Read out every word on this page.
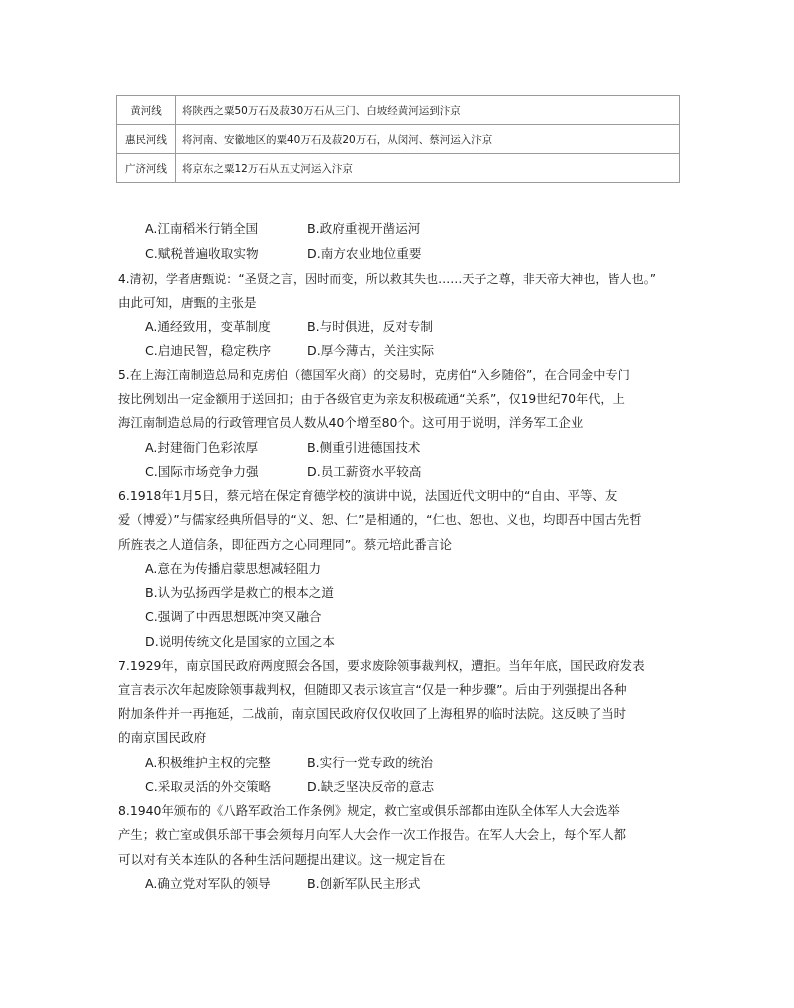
黄河线	将陕西之粟50万石及菽30万石从三门、白坡经黄河运到汴京
惠民河线	将河南、安徽地区的粟40万石及菽20万石，从闵河、蔡河运入汴京
广济河线	将京东之粟12万石从五丈河运入汴京
A.江南稻米行销全国	B.政府重视开凿运河
C.赋税普遍收取实物	D.南方农业地位重要
4.清初，学者唐甄说：“圣贤之言，因时而变，所以救其失也……天子之尊，非天帝大神也，皆人也。”
由此可知，唐甄的主张是
A.通经致用，变革制度	B.与时俱进，反对专制
C.启迪民智，稳定秩序	D.厚今薄古，关注实际
5.在上海江南制造总局和克虏伯（德国军火商）的交易时，克虏伯“入乡随俗”，在合同金中专门
按比例划出一定金额用于送回扣；由于各级官吏为亲友积极疏通“关系”，仅19世纪70年代，上
海江南制造总局的行政管理官员人数从40个增至80个。这可用于说明，洋务军工企业
A.封建衙门色彩浓厚	B.侧重引进德国技术
C.国际市场竞争力强	D.员工薪资水平较高
6.1918年1月5日，蔡元培在保定育德学校的演讲中说，法国近代文明中的“自由、平等、友
爱（博爱）”与儒家经典所倡导的“义、恕、仁”是相通的，“仁也、恕也、义也，均即吾中国古先哲
所旌表之人道信条，即征西方之心同理同”。蔡元培此番言论
A.意在为传播启蒙思想减轻阻力
B.认为弘扬西学是救亡的根本之道
C.强调了中西思想既冲突又融合
D.说明传统文化是国家的立国之本
7.1929年，南京国民政府两度照会各国，要求废除领事裁判权，遭拒。当年年底，国民政府发表
宣言表示次年起废除领事裁判权，但随即又表示该宣言“仅是一种步骤”。后由于列强提出各种
附加条件并一再拖延，二战前，南京国民政府仅仅收回了上海租界的临时法院。这反映了当时
的南京国民政府
A.积极维护主权的完整	B.实行一党专政的统治
C.采取灵活的外交策略	D.缺乏坚决反帝的意志
8.1940年颁布的《八路军政治工作条例》规定，救亡室或俱乐部都由连队全体军人大会选举
产生；救亡室或俱乐部干事会须每月向军人大会作一次工作报告。在军人大会上，每个军人都
可以对有关本连队的各种生活问题提出建议。这一规定旨在
A.确立党对军队的领导	B.创新军队民主形式
